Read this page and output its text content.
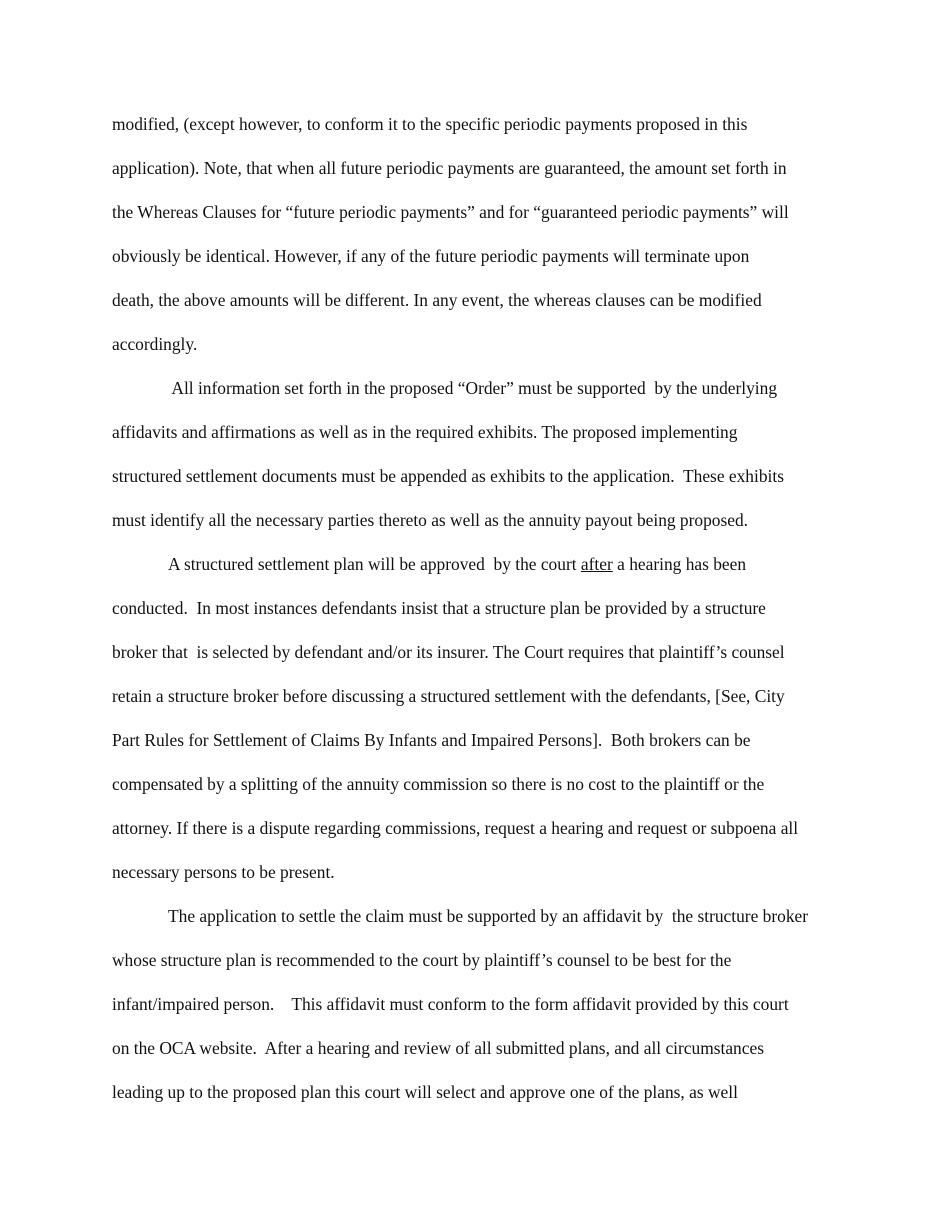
modified, (except however, to conform it to the specific periodic payments proposed in this
application). Note, that when all future periodic payments are guaranteed, the amount set forth in
the Whereas Clauses for “future periodic payments” and for “guaranteed periodic payments” will
obviously be identical. However, if any of the future periodic payments will terminate upon
death, the above amounts will be different. In any event, the whereas clauses can be modified
accordingly.
All information set forth in the proposed “Order” must be supported  by the underlying
affidavits and affirmations as well as in the required exhibits. The proposed implementing
structured settlement documents must be appended as exhibits to the application.  These exhibits
must identify all the necessary parties thereto as well as the annuity payout being proposed.
A structured settlement plan will be approved  by the court after a hearing has been
conducted.  In most instances defendants insist that a structure plan be provided by a structure
broker that  is selected by defendant and/or its insurer. The Court requires that plaintiff’s counsel
retain a structure broker before discussing a structured settlement with the defendants, [See, City
Part Rules for Settlement of Claims By Infants and Impaired Persons].  Both brokers can be
compensated by a splitting of the annuity commission so there is no cost to the plaintiff or the
attorney. If there is a dispute regarding commissions, request a hearing and request or subpoena all
necessary persons to be present.
The application to settle the claim must be supported by an affidavit by  the structure broker
whose structure plan is recommended to the court by plaintiff’s counsel to be best for the
infant/impaired person.    This affidavit must conform to the form affidavit provided by this court
on the OCA website.  After a hearing and review of all submitted plans, and all circumstances
leading up to the proposed plan this court will select and approve one of the plans, as well
